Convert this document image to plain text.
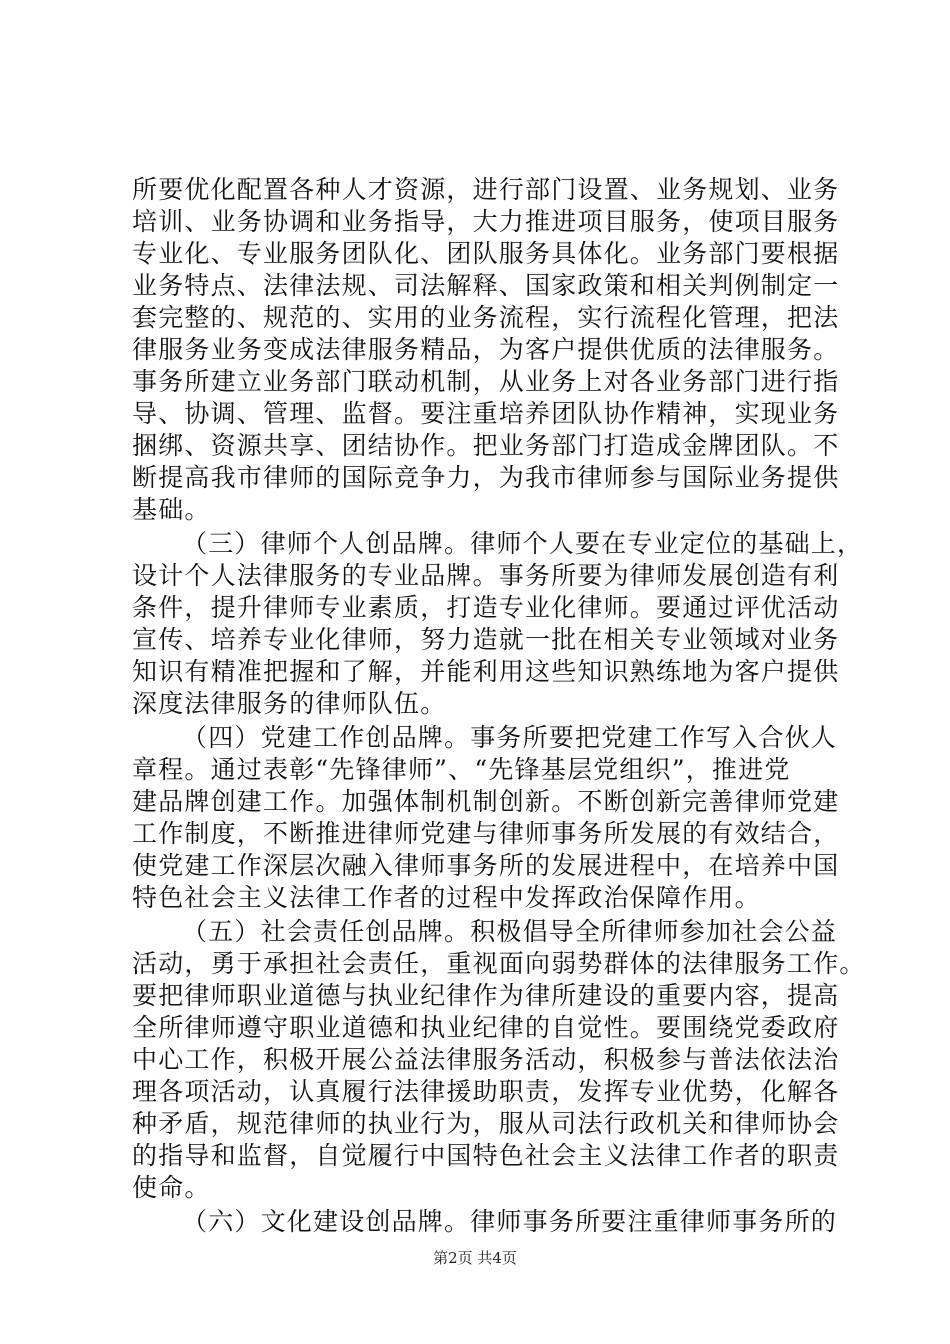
所要优化配置各种人才资源，进行部门设置、业务规划、业务
培训、业务协调和业务指导，大力推进项目服务，使项目服务
专业化、专业服务团队化、团队服务具体化。业务部门要根据
业务特点、法律法规、司法解释、国家政策和相关判例制定一
套完整的、规范的、实用的业务流程，实行流程化管理，把法
律服务业务变成法律服务精品，为客户提供优质的法律服务。
事务所建立业务部门联动机制，从业务上对各业务部门进行指
导、协调、管理、监督。要注重培养团队协作精神，实现业务
捆绑、资源共享、团结协作。把业务部门打造成金牌团队。不
断提高我市律师的国际竞争力，为我市律师参与国际业务提供
基础。
（三）律师个人创品牌。律师个人要在专业定位的基础上，
设计个人法律服务的专业品牌。事务所要为律师发展创造有利
条件，提升律师专业素质，打造专业化律师。要通过评优活动
宣传、培养专业化律师，努力造就一批在相关专业领域对业务
知识有精准把握和了解，并能利用这些知识熟练地为客户提供
深度法律服务的律师队伍。
（四）党建工作创品牌。事务所要把党建工作写入合伙人
章程。通过表彰“先锋律师”、“先锋基层党组织”，推进党
建品牌创建工作。加强体制机制创新。不断创新完善律师党建
工作制度，不断推进律师党建与律师事务所发展的有效结合，
使党建工作深层次融入律师事务所的发展进程中，在培养中国
特色社会主义法律工作者的过程中发挥政治保障作用。
（五）社会责任创品牌。积极倡导全所律师参加社会公益
活动，勇于承担社会责任，重视面向弱势群体的法律服务工作。
要把律师职业道德与执业纪律作为律所建设的重要内容，提高
全所律师遵守职业道德和执业纪律的自觉性。要围绕党委政府
中心工作，积极开展公益法律服务活动，积极参与普法依法治
理各项活动，认真履行法律援助职责，发挥专业优势，化解各
种矛盾，规范律师的执业行为，服从司法行政机关和律师协会
的指导和监督，自觉履行中国特色社会主义法律工作者的职责
使命。
（六）文化建设创品牌。律师事务所要注重律师事务所的
第2页 共4页
